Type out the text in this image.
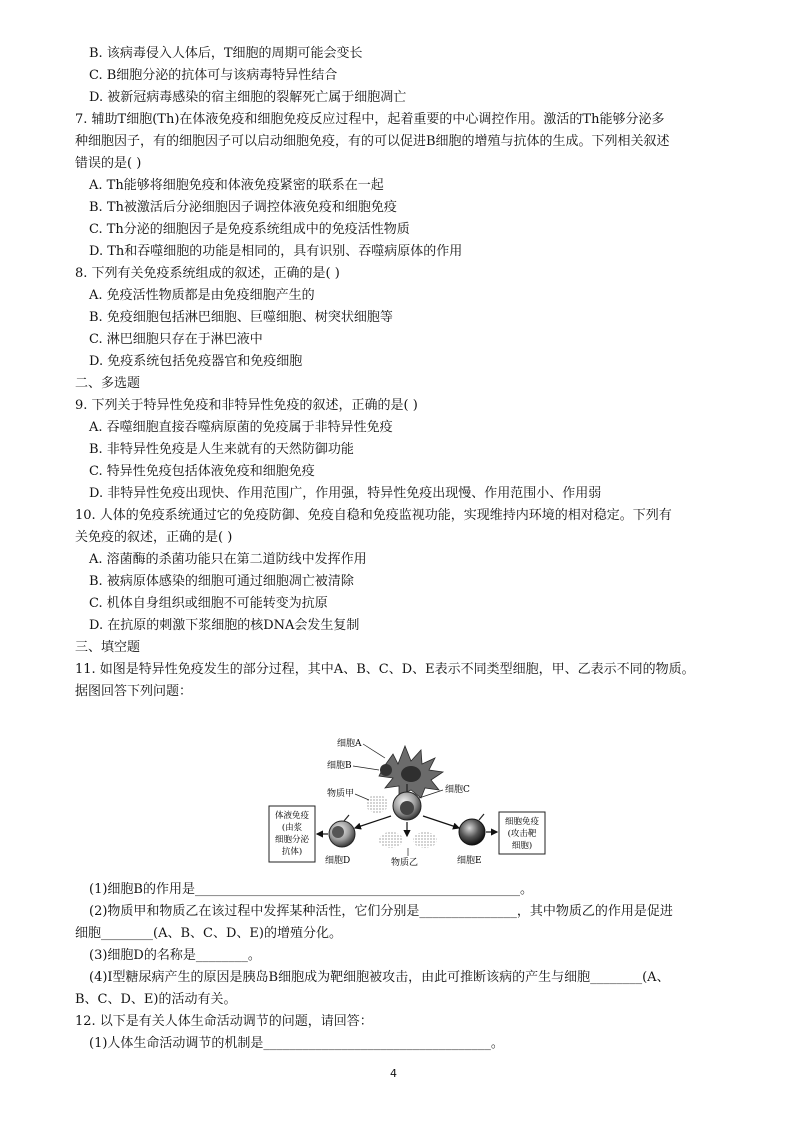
B. 该病毒侵入人体后，T细胞的周期可能会变长
C. B细胞分泌的抗体可与该病毒特异性结合
D. 被新冠病毒感染的宿主细胞的裂解死亡属于细胞凋亡
7. 辅助T细胞(Th)在体液免疫和细胞免疫反应过程中，起着重要的中心调控作用。激活的Th能够分泌多
种细胞因子，有的细胞因子可以启动细胞免疫，有的可以促进B细胞的增殖与抗体的生成。下列相关叙述
错误的是( )
A. Th能够将细胞免疫和体液免疫紧密的联系在一起
B. Th被激活后分泌细胞因子调控体液免疫和细胞免疫
C. Th分泌的细胞因子是免疫系统组成中的免疫活性物质
D. Th和吞噬细胞的功能是相同的，具有识别、吞噬病原体的作用
8. 下列有关免疫系统组成的叙述，正确的是( )
A. 免疫活性物质都是由免疫细胞产生的
B. 免疫细胞包括淋巴细胞、巨噬细胞、树突状细胞等
C. 淋巴细胞只存在于淋巴液中
D. 免疫系统包括免疫器官和免疫细胞
二、多选题
9. 下列关于特异性免疫和非特异性免疫的叙述，正确的是( )
A. 吞噬细胞直接吞噬病原菌的免疫属于非特异性免疫
B. 非特异性免疫是人生来就有的天然防御功能
C. 特异性免疫包括体液免疫和细胞免疫
D. 非特异性免疫出现快、作用范围广，作用强，特异性免疫出现慢、作用范围小、作用弱
10. 人体的免疫系统通过它的免疫防御、免疫自稳和免疫监视功能，实现维持内环境的相对稳定。下列有
关免疫的叙述，正确的是( )
A. 溶菌酶的杀菌功能只在第二道防线中发挥作用
B. 被病原体感染的细胞可通过细胞凋亡被清除
C. 机体自身组织或细胞不可能转变为抗原
D. 在抗原的刺激下浆细胞的核DNA会发生复制
三、填空题
11. 如图是特异性免疫发生的部分过程，其中A、B、C、D、E表示不同类型细胞，甲、乙表示不同的物质。
据图回答下列问题：
体液免疫
(由浆
细胞分泌
抗体)
细胞免疫
(攻击靶
细胞)
细胞A
细胞B
物质甲	细胞C
细胞D	物质乙	细胞E
(1)细胞B的作用是__________________________________________________。
(2)物质甲和物质乙在该过程中发挥某种活性，它们分别是_______________，其中物质乙的作用是促进
细胞________(A、B、C、D、E)的增殖分化。
(3)细胞D的名称是________。
(4)Ⅰ型糖尿病产生的原因是胰岛B细胞成为靶细胞被攻击，由此可推断该病的产生与细胞________(A、
B、C、D、E)的活动有关。
12. 以下是有关人体生命活动调节的问题，请回答：
(1)人体生命活动调节的机制是___________________________________。
4
